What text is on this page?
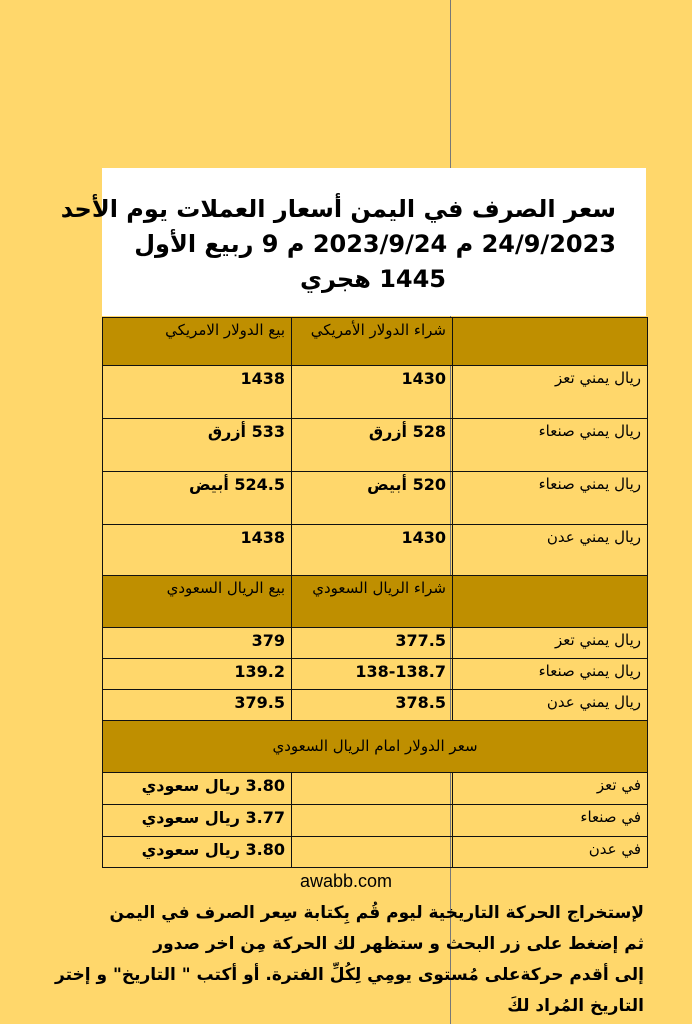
سعر الصرف في اليمن أسعار العملات يوم الأحد
24/9/2023 م 2023/9/24 م 9 ربيع الأول
1445 هجري
	شراء الدولار الأمريكي	بيع الدولار الامريكي
ريال يمني تعز	1430	1438
ريال يمني صنعاء	528 أزرق	533 أزرق
ريال يمني صنعاء	520 أبيض	524.5 أبيض
ريال يمني عدن	1430	1438
	شراء الريال السعودي	بيع الريال السعودي
ريال يمني تعز	377.5	379
ريال يمني صنعاء	138-138.7	139.2
ريال يمني عدن	378.5	379.5
سعر الدولار امام الريال السعودي		
في تعز		3.80 ريال سعودي
في صنعاء		3.77 ريال سعودي
في عدن		3.80 ريال سعودي
awabb.com
لإستخراج الحركة التاريخية ليوم قُم بِكتابة سِعر الصرف في اليمن
ثم إضغط على زر البحث و ستظهر لك الحركة مِن اخر صدور
إلى أقدم حركةعلى مُستوى يومِي لِكُلِّ الفترة. أو أكتب " التاريخ" و إختر
التاريخ المُراد لكَ
